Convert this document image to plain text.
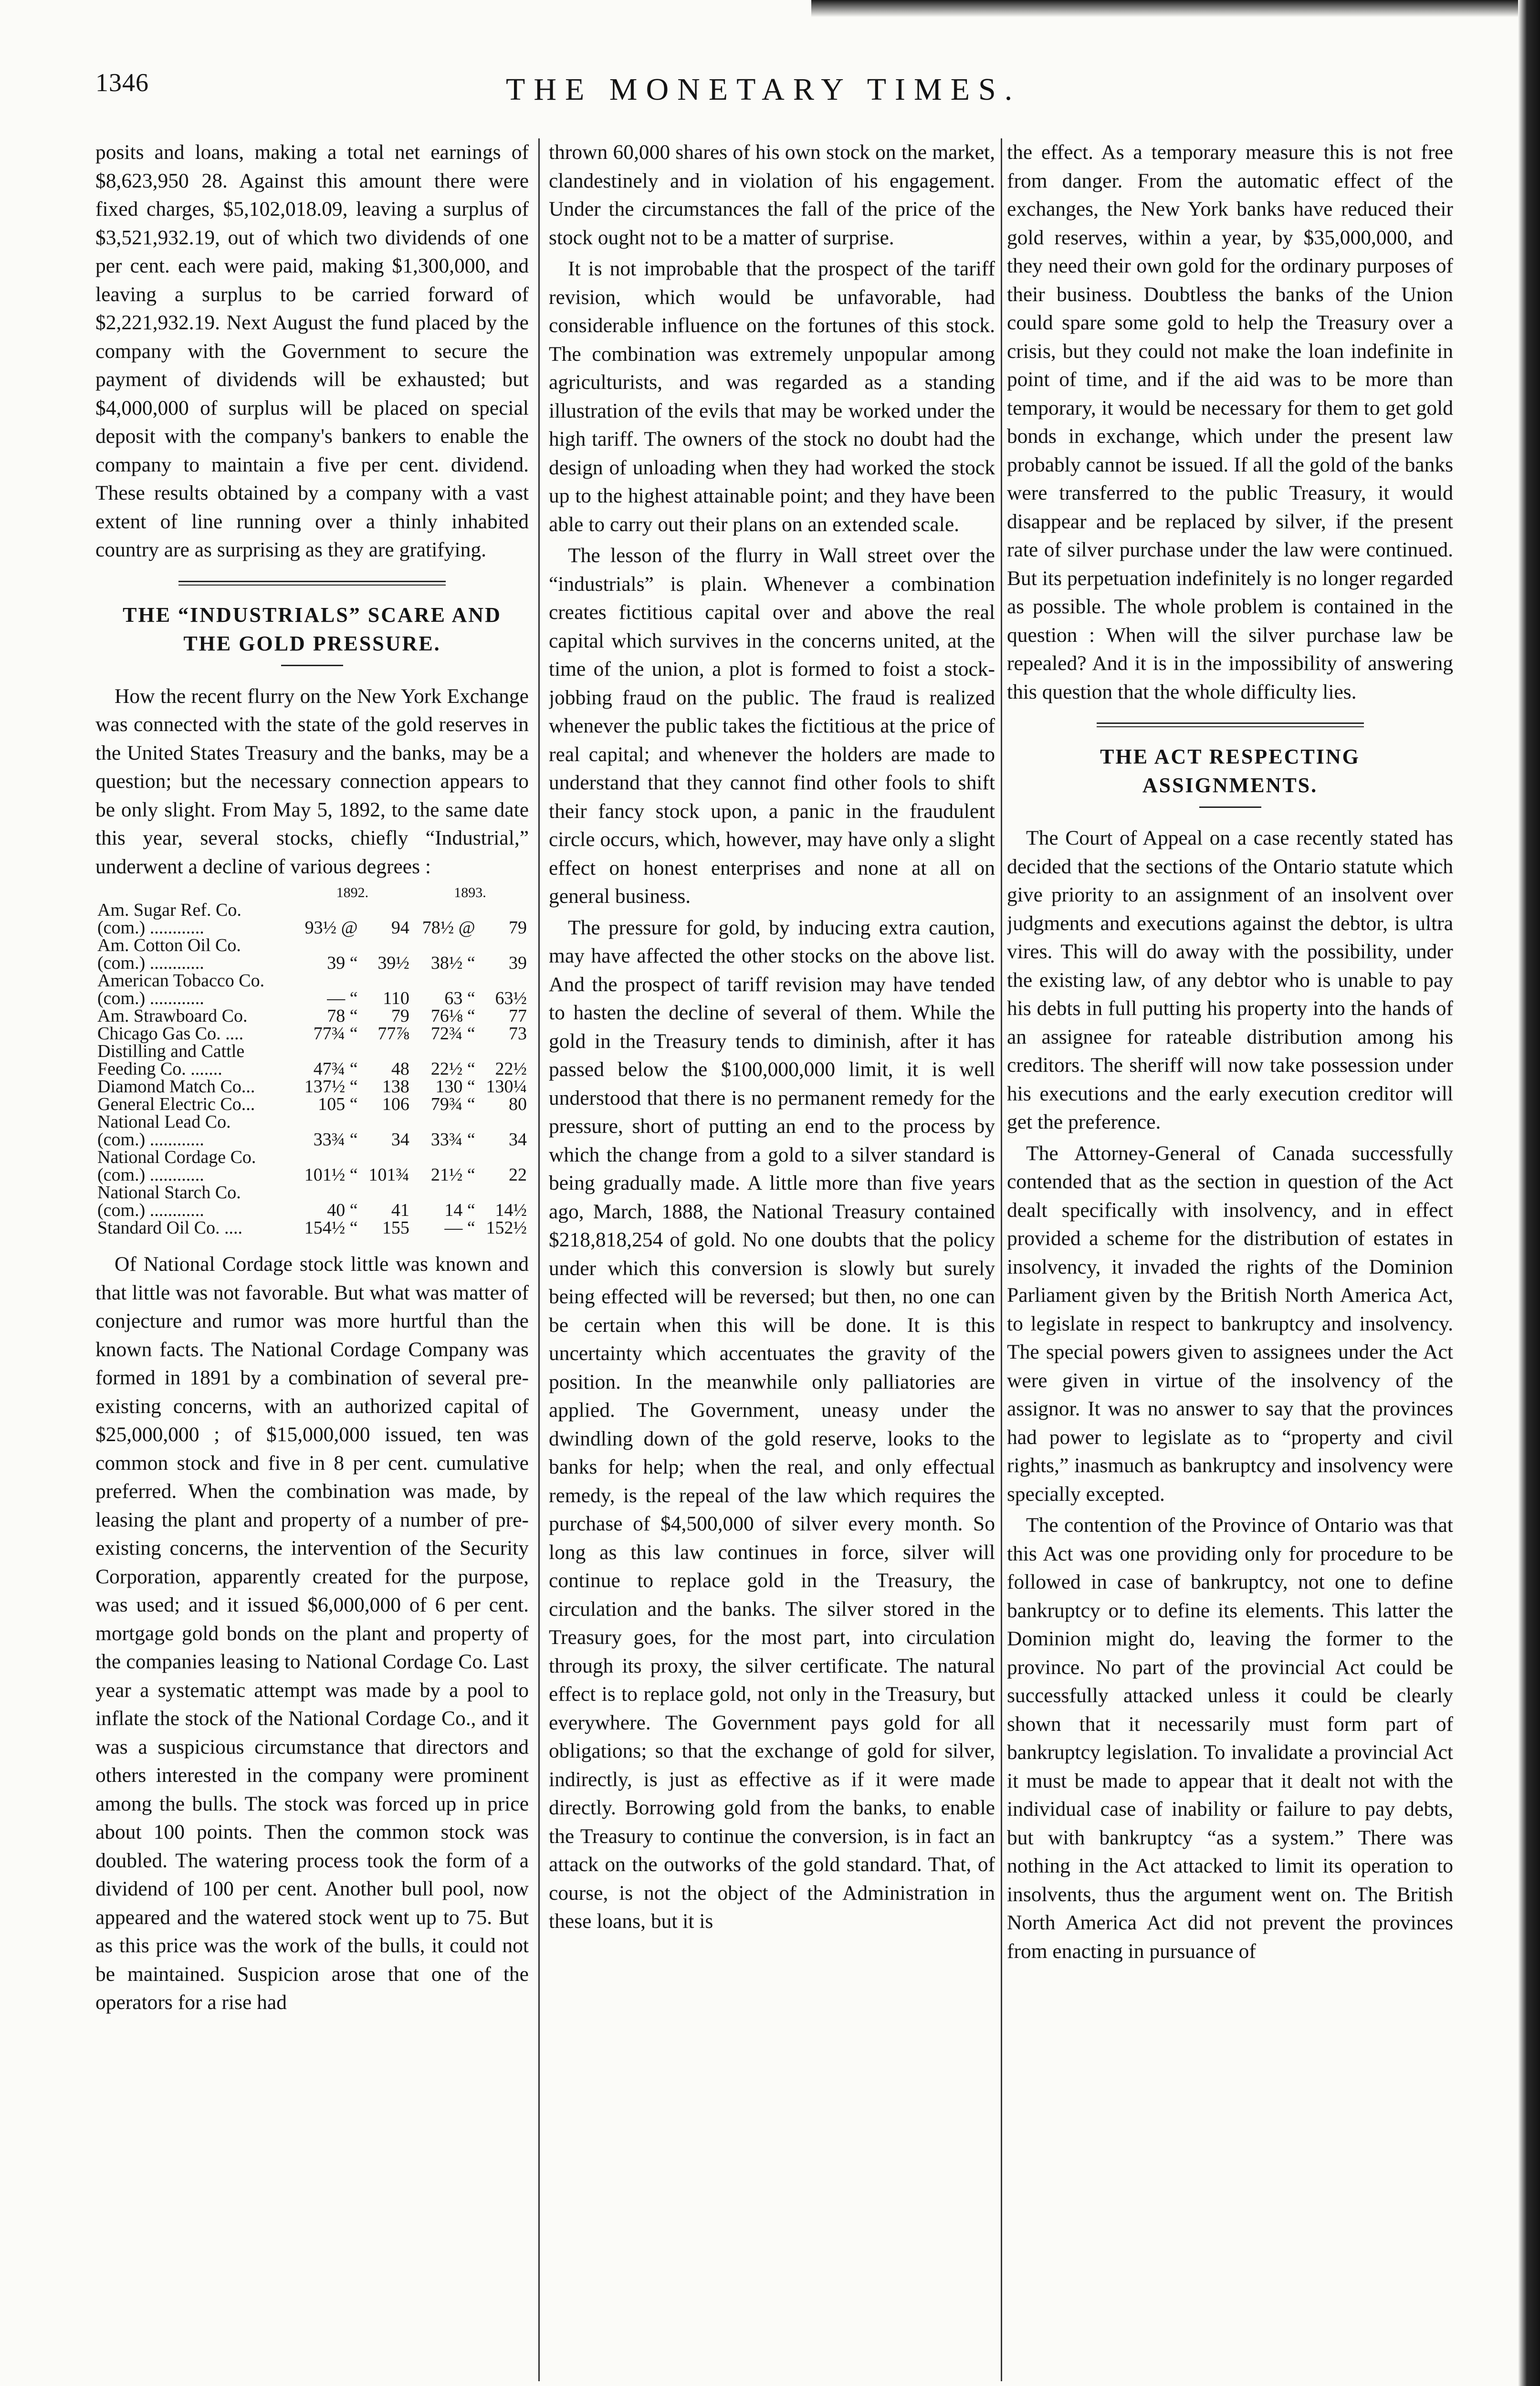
1346	THE MONETARY TIMES.

posits and loans, making a total net earnings of $8,623,950 28. Against this amount there were fixed charges, $5,102,018.09, leaving a surplus of $3,521,932.19, out of which two dividends of one per cent. each were paid, making $1,300,000, and leaving a surplus to be carried forward of $2,221,932.19. Next August the fund placed by the company with the Government to secure the payment of dividends will be exhausted; but $4,000,000 of surplus will be placed on special deposit with the company's bankers to enable the company to maintain a five per cent. dividend. These results obtained by a company with a vast extent of line running over a thinly inhabited country are as surprising as they are gratifying.

THE “INDUSTRIALS” SCARE AND THE GOLD PRESSURE.

How the recent flurry on the New York Exchange was connected with the state of the gold reserves in the United States Treasury and the banks, may be a question; but the necessary connection appears to be only slight. From May 5, 1892, to the same date this year, several stocks, chiefly “Industrial,” underwent a decline of various degrees :

	1892.		1893.	
Am. Sugar Ref. Co.				
(com.) ............	93½ @	94	78½ @	79
Am. Cotton Oil Co.				
(com.) ............	39 “	39½	38½ “	39
American Tobacco Co.				
(com.) ............	— “	110	63 “	63½
Am. Strawboard Co.	78 “	79	76⅛ “	77
Chicago Gas Co. ....	77¾ “	77⅞	72¾ “	73
Distilling and Cattle				
Feeding Co. .......	47¾ “	48	22½ “	22½
Diamond Match Co...	137½ “	138	130 “	130¼
General Electric Co...	105 “	106	79¾ “	80
National Lead Co.				
(com.) ............	33¾ “	34	33¾ “	34
National Cordage Co.				
(com.) ............	101½ “	101¾	21½ “	22
National Starch Co.				
(com.) ............	40 “	41	14 “	14½
Standard Oil Co. ....	154½ “	155	— “	152½

Of National Cordage stock little was known and that little was not favorable. But what was matter of conjecture and rumor was more hurtful than the known facts. The National Cordage Company was formed in 1891 by a combination of several pre-existing concerns, with an authorized capital of $25,000,000 ; of $15,000,000 issued, ten was common stock and five in 8 per cent. cumulative preferred. When the combination was made, by leasing the plant and property of a number of pre-existing concerns, the intervention of the Security Corporation, apparently created for the purpose, was used; and it issued $6,000,000 of 6 per cent. mortgage gold bonds on the plant and property of the companies leasing to National Cordage Co. Last year a systematic attempt was made by a pool to inflate the stock of the National Cordage Co., and it was a suspicious circumstance that directors and others interested in the company were prominent among the bulls. The stock was forced up in price about 100 points. Then the common stock was doubled. The watering process took the form of a dividend of 100 per cent. Another bull pool, now appeared and the watered stock went up to 75. But as this price was the work of the bulls, it could not be maintained. Suspicion arose that one of the operators for a rise had

thrown 60,000 shares of his own stock on the market, clandestinely and in violation of his engagement. Under the circumstances the fall of the price of the stock ought not to be a matter of surprise.

It is not improbable that the prospect of the tariff revision, which would be unfavorable, had considerable influence on the fortunes of this stock. The combination was extremely unpopular among agriculturists, and was regarded as a standing illustration of the evils that may be worked under the high tariff. The owners of the stock no doubt had the design of unloading when they had worked the stock up to the highest attainable point; and they have been able to carry out their plans on an extended scale.

The lesson of the flurry in Wall street over the “industrials” is plain. Whenever a combination creates fictitious capital over and above the real capital which survives in the concerns united, at the time of the union, a plot is formed to foist a stock-jobbing fraud on the public. The fraud is realized whenever the public takes the fictitious at the price of real capital; and whenever the holders are made to understand that they cannot find other fools to shift their fancy stock upon, a panic in the fraudulent circle occurs, which, however, may have only a slight effect on honest enterprises and none at all on general business.

The pressure for gold, by inducing extra caution, may have affected the other stocks on the above list. And the prospect of tariff revision may have tended to hasten the decline of several of them. While the gold in the Treasury tends to diminish, after it has passed below the $100,000,000 limit, it is well understood that there is no permanent remedy for the pressure, short of putting an end to the process by which the change from a gold to a silver standard is being gradually made. A little more than five years ago, March, 1888, the National Treasury contained $218,818,254 of gold. No one doubts that the policy under which this conversion is slowly but surely being effected will be reversed; but then, no one can be certain when this will be done. It is this uncertainty which accentuates the gravity of the position. In the meanwhile only palliatories are applied. The Government, uneasy under the dwindling down of the gold reserve, looks to the banks for help; when the real, and only effectual remedy, is the repeal of the law which requires the purchase of $4,500,000 of silver every month. So long as this law continues in force, silver will continue to replace gold in the Treasury, the circulation and the banks. The silver stored in the Treasury goes, for the most part, into circulation through its proxy, the silver certificate. The natural effect is to replace gold, not only in the Treasury, but everywhere. The Government pays gold for all obligations; so that the exchange of gold for silver, indirectly, is just as effective as if it were made directly. Borrowing gold from the banks, to enable the Treasury to continue the conversion, is in fact an attack on the outworks of the gold standard. That, of course, is not the object of the Administration in these loans, but it is

the effect. As a temporary measure this is not free from danger. From the automatic effect of the exchanges, the New York banks have reduced their gold reserves, within a year, by $35,000,000, and they need their own gold for the ordinary purposes of their business. Doubtless the banks of the Union could spare some gold to help the Treasury over a crisis, but they could not make the loan indefinite in point of time, and if the aid was to be more than temporary, it would be necessary for them to get gold bonds in exchange, which under the present law probably cannot be issued. If all the gold of the banks were transferred to the public Treasury, it would disappear and be replaced by silver, if the present rate of silver purchase under the law were continued. But its perpetuation indefinitely is no longer regarded as possible. The whole problem is contained in the question : When will the silver purchase law be repealed? And it is in the impossibility of answering this question that the whole difficulty lies.

THE ACT RESPECTING ASSIGNMENTS.

The Court of Appeal on a case recently stated has decided that the sections of the Ontario statute which give priority to an assignment of an insolvent over judgments and executions against the debtor, is ultra vires. This will do away with the possibility, under the existing law, of any debtor who is unable to pay his debts in full putting his property into the hands of an assignee for rateable distribution among his creditors. The sheriff will now take possession under his executions and the early execution creditor will get the preference.

The Attorney-General of Canada successfully contended that as the section in question of the Act dealt specifically with insolvency, and in effect provided a scheme for the distribution of estates in insolvency, it invaded the rights of the Dominion Parliament given by the British North America Act, to legislate in respect to bankruptcy and insolvency. The special powers given to assignees under the Act were given in virtue of the insolvency of the assignor. It was no answer to say that the provinces had power to legislate as to “property and civil rights,” inasmuch as bankruptcy and insolvency were specially excepted.

The contention of the Province of Ontario was that this Act was one providing only for procedure to be followed in case of bankruptcy, not one to define bankruptcy or to define its elements. This latter the Dominion might do, leaving the former to the province. No part of the provincial Act could be successfully attacked unless it could be clearly shown that it necessarily must form part of bankruptcy legislation. To invalidate a provincial Act it must be made to appear that it dealt not with the individual case of inability or failure to pay debts, but with bankruptcy “as a system.” There was nothing in the Act attacked to limit its operation to insolvents, thus the argument went on. The British North America Act did not prevent the provinces from enacting in pursuance of
